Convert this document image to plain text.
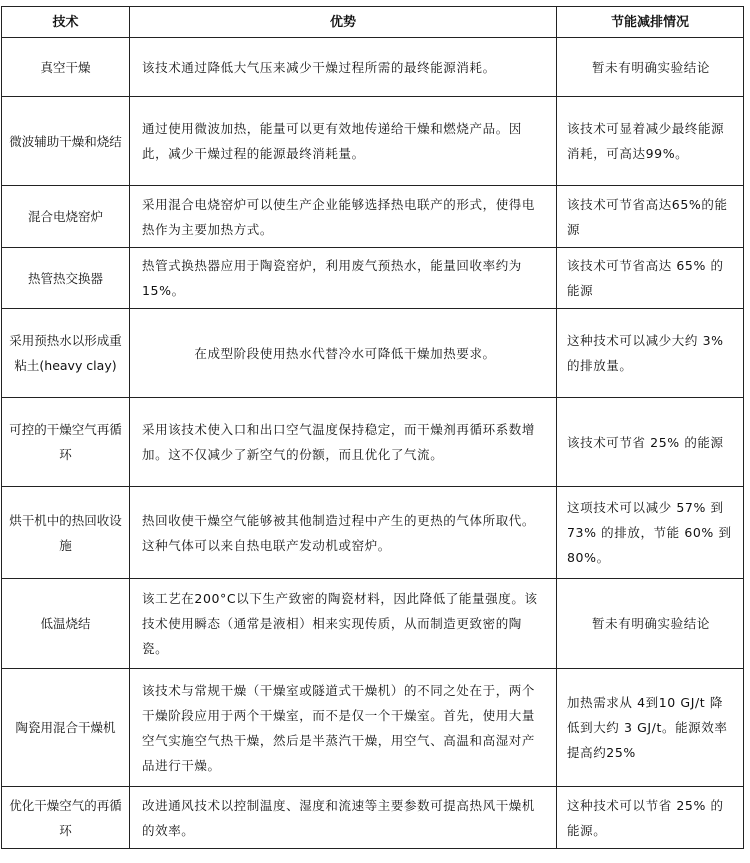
技术	优势	节能减排情况
真空干燥	该技术通过降低大气压来减少干燥过程所需的最终能源消耗。	暂未有明确实验结论
微波辅助干燥和烧结	通过使用微波加热，能量可以更有效地传递给干燥和燃烧产品。因此，减少干燥过程的能源最终消耗量。	该技术可显着减少最终能源消耗，可高达99%。
混合电烧窑炉	采用混合电烧窑炉可以使生产企业能够选择热电联产的形式，使得电热作为主要加热方式。	该技术可节省高达65%的能源
热管热交换器	热管式换热器应用于陶瓷窑炉，利用废气预热水，能量回收率约为 15%。	该技术可节省高达 65% 的能源
采用预热水以形成重粘土(heavy clay)	在成型阶段使用热水代替冷水可降低干燥加热要求。	这种技术可以减少大约 3% 的排放量。
可控的干燥空气再循环	采用该技术使入口和出口空气温度保持稳定，而干燥剂再循环系数增加。这不仅减少了新空气的份额，而且优化了气流。	该技术可节省 25% 的能源
烘干机中的热回收设施	热回收使干燥空气能够被其他制造过程中产生的更热的气体所取代。这种气体可以来自热电联产发动机或窑炉。	这项技术可以减少 57% 到 73% 的排放，节能 60% 到 80%。
低温烧结	该工艺在200°C以下生产致密的陶瓷材料，因此降低了能量强度。该技术使用瞬态（通常是液相）相来实现传质，从而制造更致密的陶瓷。	暂未有明确实验结论
陶瓷用混合干燥机	该技术与常规干燥（干燥室或隧道式干燥机）的不同之处在于，两个干燥阶段应用于两个干燥室，而不是仅一个干燥室。首先，使用大量空气实施空气热干燥，然后是半蒸汽干燥，用空气、高温和高湿对产品进行干燥。	加热需求从 4到10 GJ/t 降低到大约 3 GJ/t。能源效率提高约25%
优化干燥空气的再循环	改进通风技术以控制温度、湿度和流速等主要参数可提高热风干燥机的效率。	这种技术可以节省 25% 的能源。
